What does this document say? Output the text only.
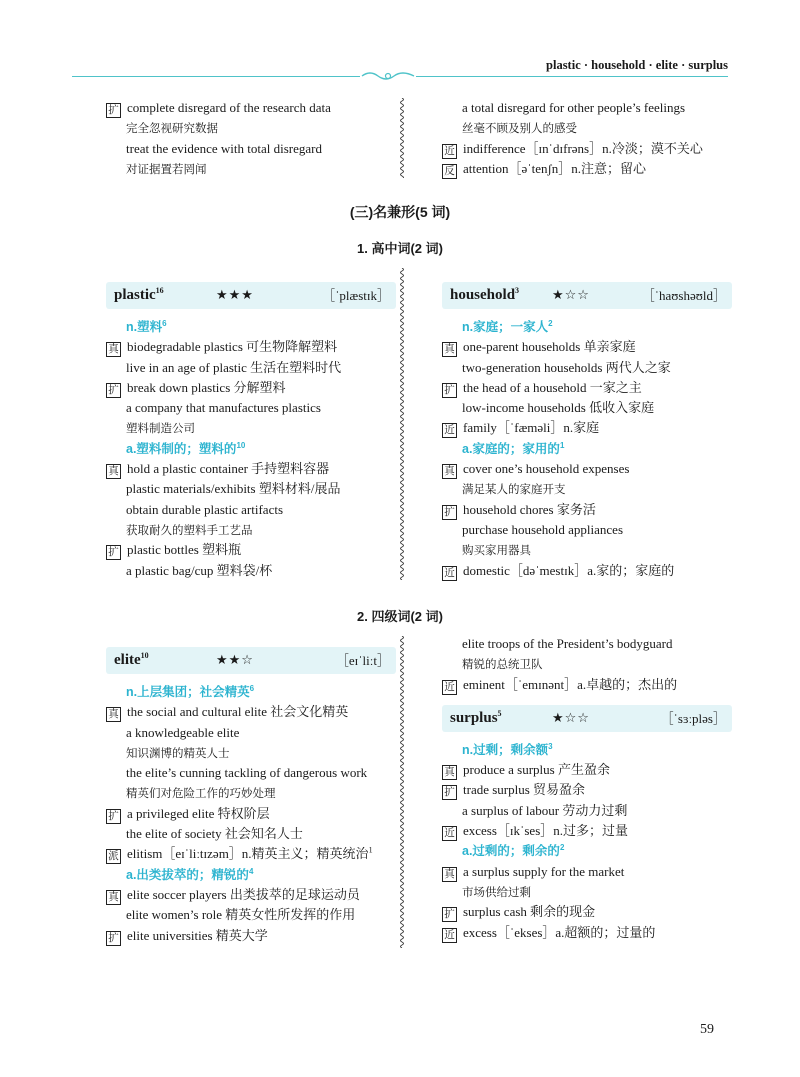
plastic · household · elite · surplus
扩 complete disregard of the research data
完全忽视研究数据
treat the evidence with total disregard
对证据置若罔闻
a total disregard for other people’s feelings
丝毫不顾及别人的感受
近 indifference［ɪnˈdɪfrəns］n.冷淡；漠不关心
反 attention［əˈtenʃn］n.注意；留心
(三)名兼形(5 词)
1. 高中词(2 词)
plastic$^{16}$	★★★	［ˈplæstɪk］
n.塑料$^6$
真 biodegradable plastics 可生物降解塑料
live in an age of plastic 生活在塑料时代
扩 break down plastics 分解塑料
a company that manufactures plastics
塑料制造公司
a.塑料制的；塑料的$^{10}$
真 hold a plastic container 手持塑料容器
plastic materials/exhibits 塑料材料/展品
obtain durable plastic artifacts
获取耐久的塑料手工艺品
扩 plastic bottles 塑料瓶
a plastic bag/cup 塑料袋/杯
household$^3$	★☆☆	［ˈhaʊshəʊld］
n.家庭；一家人$^2$
真 one-parent households 单亲家庭
two-generation households 两代人之家
扩 the head of a household 一家之主
low-income households 低收入家庭
近 family［ˈfæməli］n.家庭
a.家庭的；家用的$^1$
真 cover one’s household expenses
满足某人的家庭开支
扩 household chores 家务活
purchase household appliances
购买家用器具
近 domestic［dəˈmestɪk］a.家的；家庭的
2. 四级词(2 词)
elite$^{10}$	★★☆	［eɪˈliːt］
n.上层集团；社会精英$^6$
真 the social and cultural elite 社会文化精英
a knowledgeable elite
知识渊博的精英人士
the elite’s cunning tackling of dangerous work
精英们对危险工作的巧妙处理
扩 a privileged elite 特权阶层
the elite of society 社会知名人士
派 elitism［eɪˈliːtɪzəm］n.精英主义；精英统治$^1$
a.出类拔萃的；精锐的$^4$
真 elite soccer players 出类拔萃的足球运动员
elite women’s role 精英女性所发挥的作用
扩 elite universities 精英大学
elite troops of the President’s bodyguard
精锐的总统卫队
近 eminent［ˈemɪnənt］a.卓越的；杰出的
surplus$^5$	★☆☆	［ˈsɜːpləs］
n.过剩；剩余额$^3$
真 produce a surplus 产生盈余
扩 trade surplus 贸易盈余
a surplus of labour 劳动力过剩
近 excess［ɪkˈses］n.过多；过量
a.过剩的；剩余的$^2$
真 a surplus supply for the market
市场供给过剩
扩 surplus cash 剩余的现金
近 excess［ˈekses］a.超额的；过量的
59
